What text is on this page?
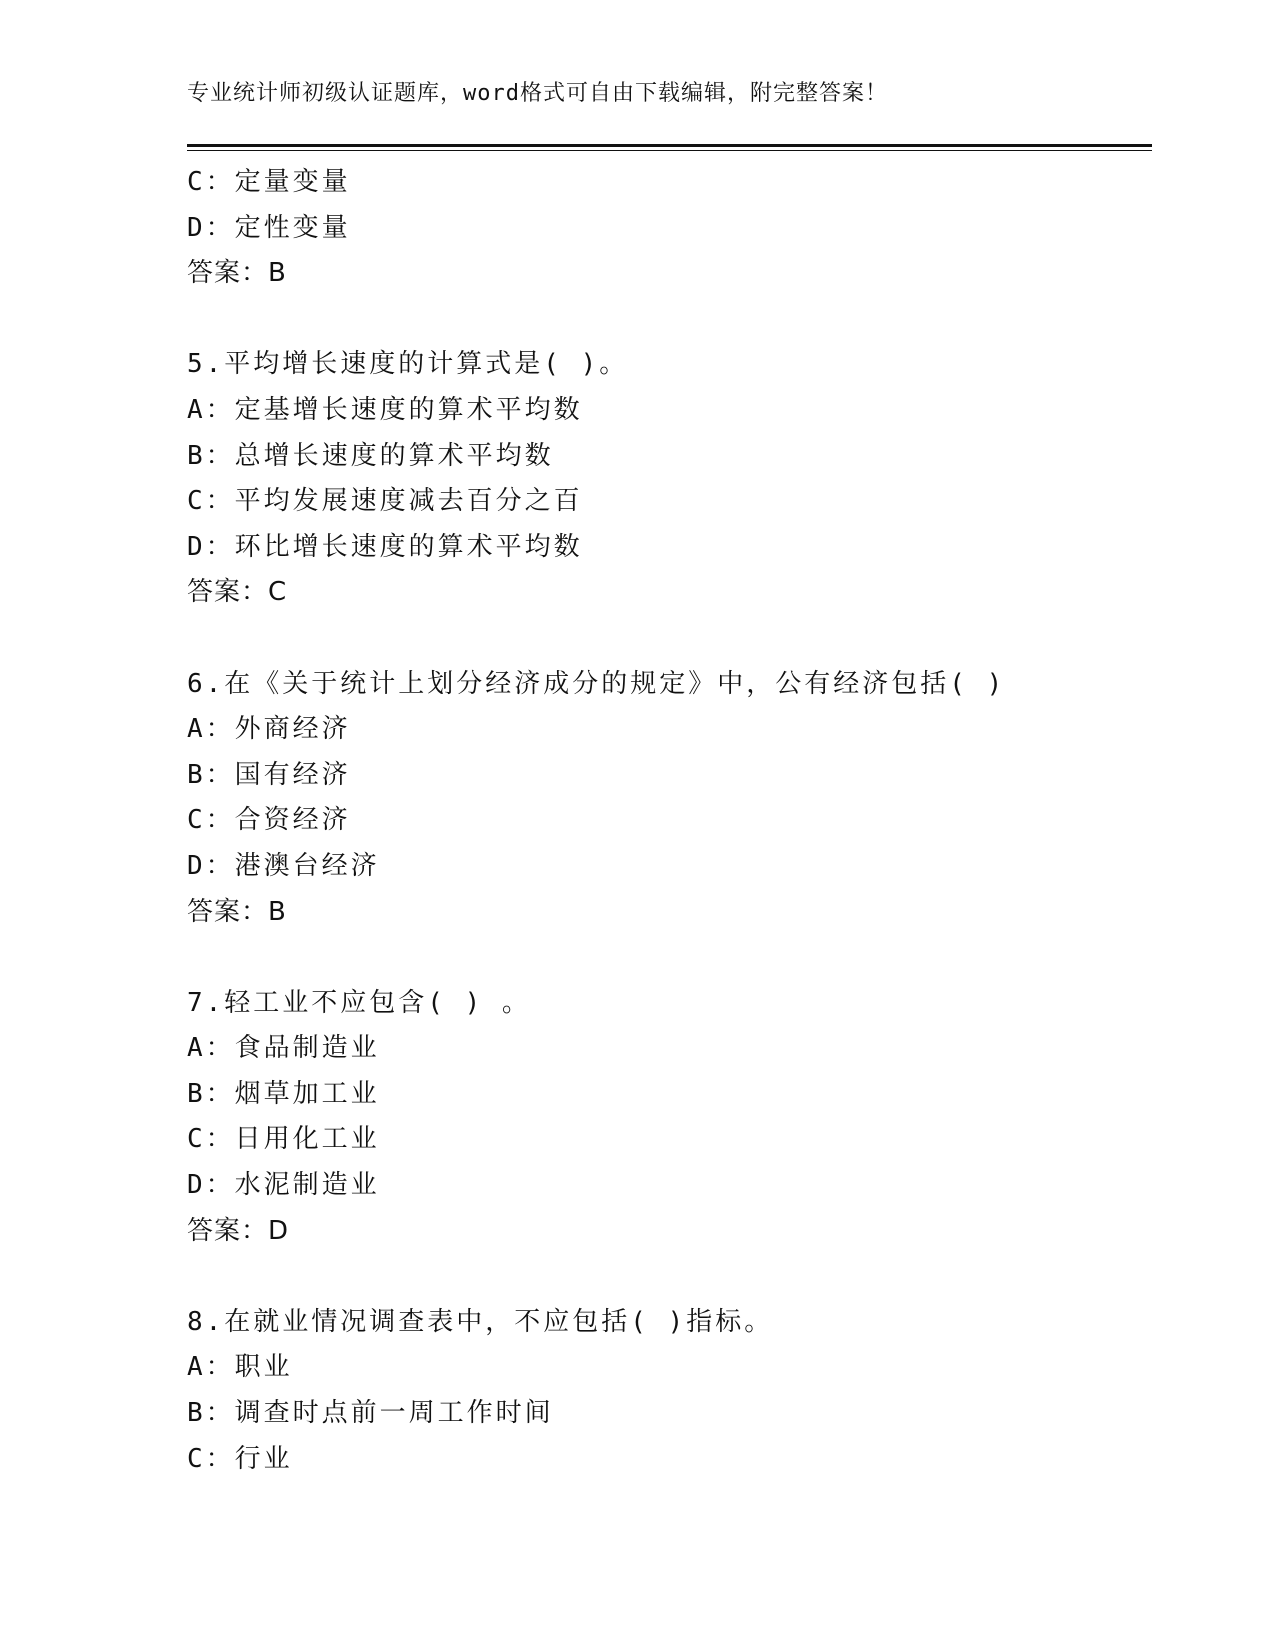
专业统计师初级认证题库，word格式可自由下载编辑，附完整答案！
C：定量变量
D：定性变量
答案：B
5.平均增长速度的计算式是( )。
A：定基增长速度的算术平均数
B：总增长速度的算术平均数
C：平均发展速度减去百分之百
D：环比增长速度的算术平均数
答案：C
6.在《关于统计上划分经济成分的规定》中，公有经济包括( )
A：外商经济
B：国有经济
C：合资经济
D：港澳台经济
答案：B
7.轻工业不应包含( ) 。
A：食品制造业
B：烟草加工业
C：日用化工业
D：水泥制造业
答案：D
8.在就业情况调查表中，不应包括( )指标。
A：职业
B：调查时点前一周工作时间
C：行业
